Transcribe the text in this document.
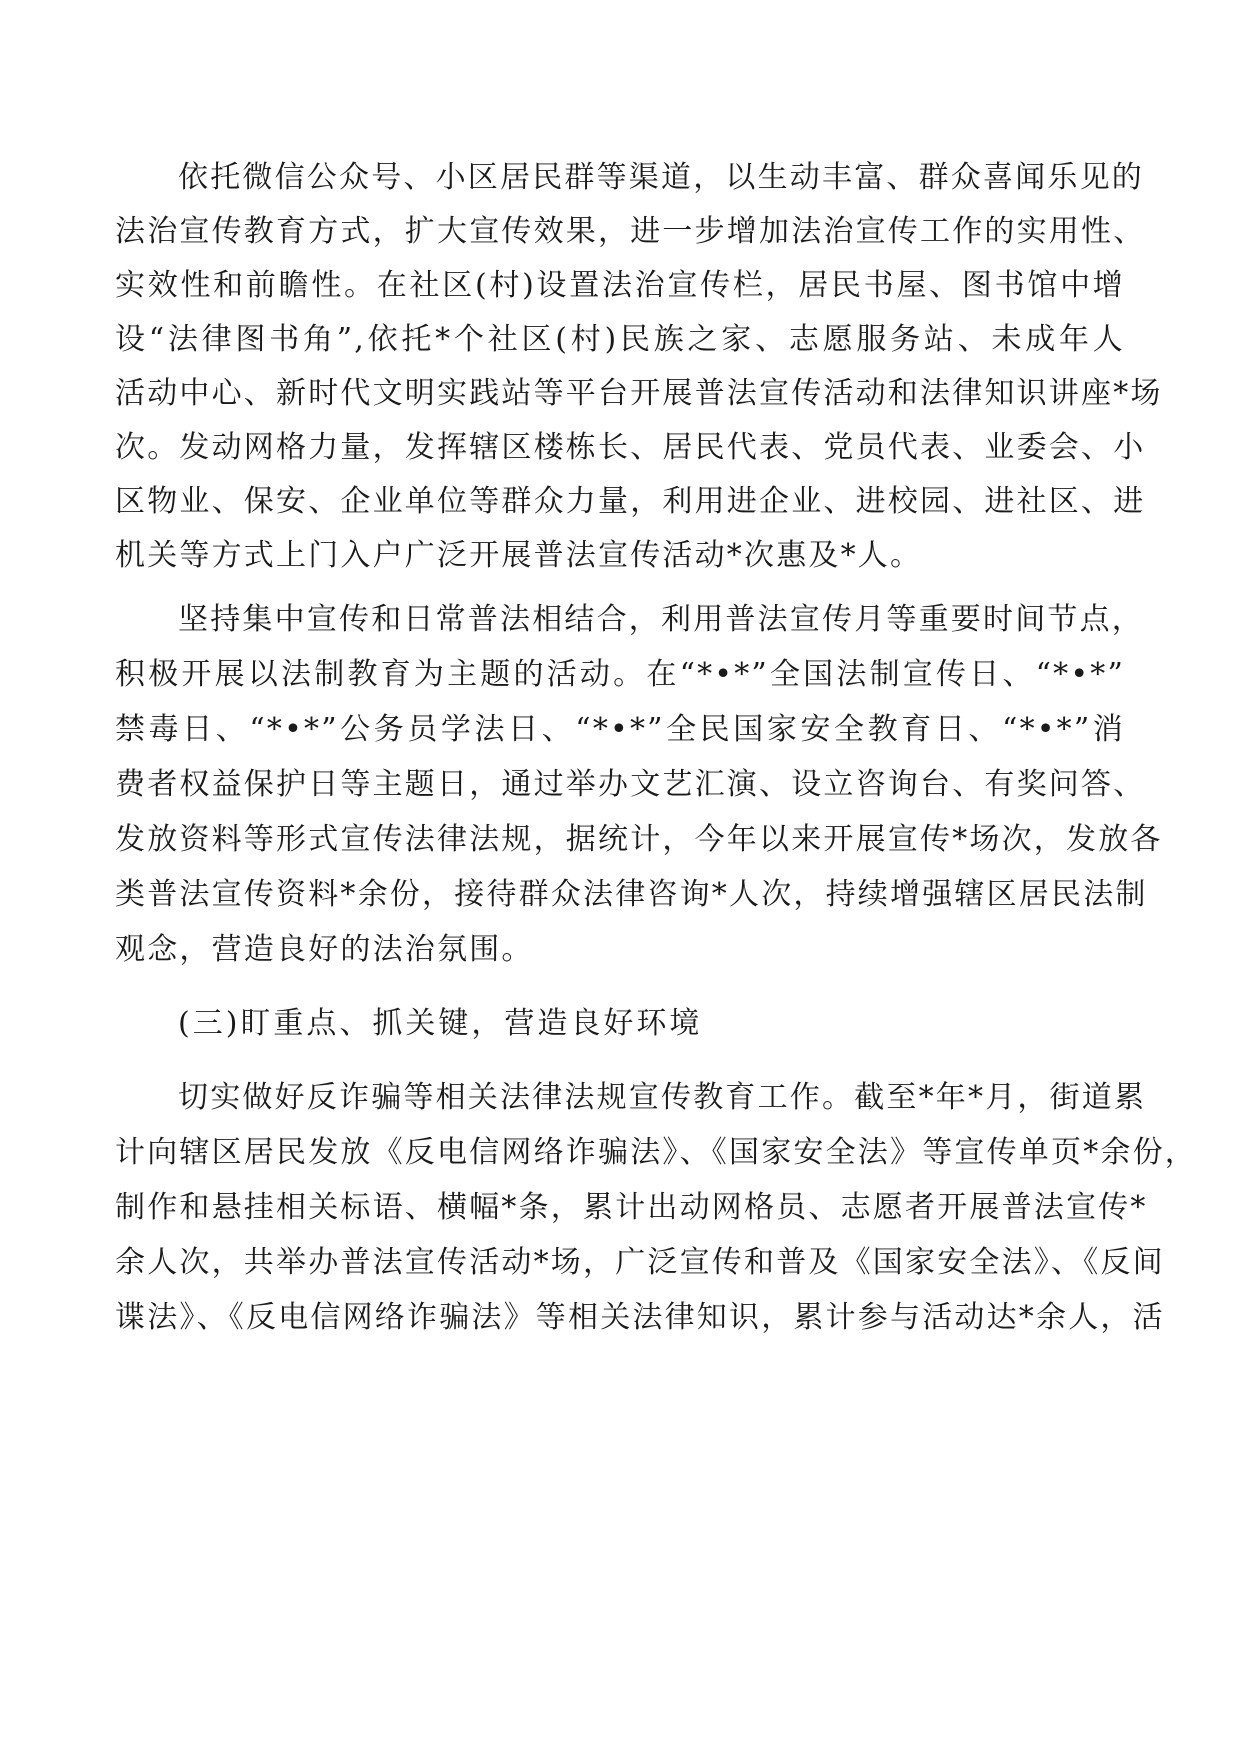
依托微信公众号、小区居民群等渠道，以生动丰富、群众喜闻乐见的

法治宣传教育方式，扩大宣传效果，进一步增加法治宣传工作的实用性、

实效性和前瞻性。在社区(村)设置法治宣传栏，居民书屋、图书馆中增

设“法律图书角”,依托*个社区(村)民族之家、志愿服务站、未成年人

活动中心、新时代文明实践站等平台开展普法宣传活动和法律知识讲座*场

次。发动网格力量，发挥辖区楼栋长、居民代表、党员代表、业委会、小

区物业、保安、企业单位等群众力量，利用进企业、进校园、进社区、进

机关等方式上门入户广泛开展普法宣传活动*次惠及*人。

坚持集中宣传和日常普法相结合，利用普法宣传月等重要时间节点，

积极开展以法制教育为主题的活动。在“*•*”全国法制宣传日、“*•*”

禁毒日、“*•*”公务员学法日、“*•*”全民国家安全教育日、“*•*”消

费者权益保护日等主题日，通过举办文艺汇演、设立咨询台、有奖问答、

发放资料等形式宣传法律法规，据统计，今年以来开展宣传*场次，发放各

类普法宣传资料*余份，接待群众法律咨询*人次，持续增强辖区居民法制

观念，营造良好的法治氛围。

(三)盯重点、抓关键，营造良好环境

切实做好反诈骗等相关法律法规宣传教育工作。截至*年*月，街道累

计向辖区居民发放《反电信网络诈骗法》、《国家安全法》等宣传单页*余份，

制作和悬挂相关标语、横幅*条，累计出动网格员、志愿者开展普法宣传*

余人次，共举办普法宣传活动*场，广泛宣传和普及《国家安全法》、《反间

谍法》、《反电信网络诈骗法》等相关法律知识，累计参与活动达*余人，活
